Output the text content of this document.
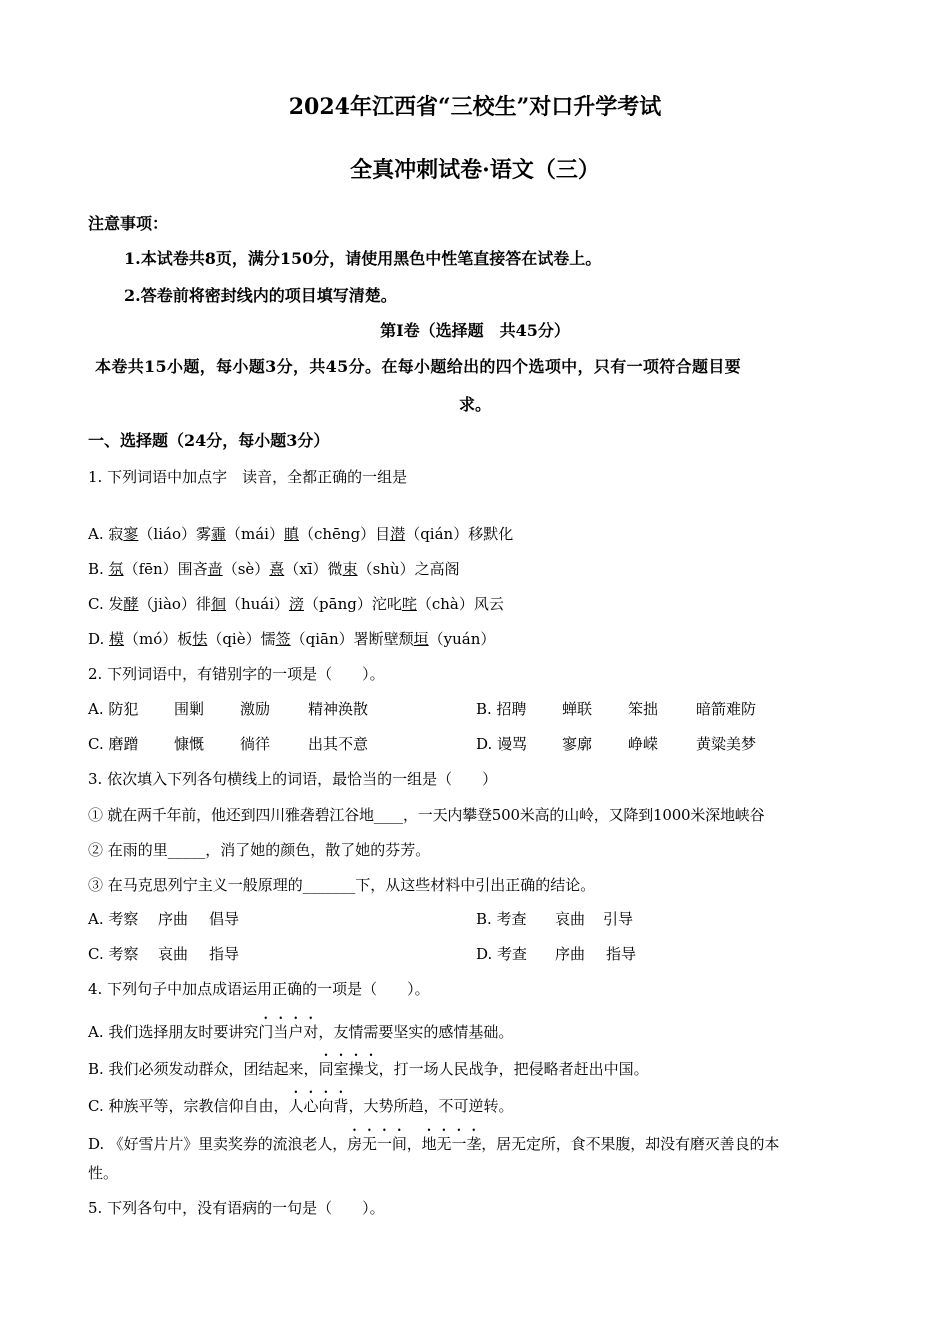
2024年江西省“三校生”对口升学考试
全真冲刺试卷·语文（三）
注意事项：
1.本试卷共8页，满分150分，请使用黑色中性笔直接答在试卷上。
2.答卷前将密封线内的项目填写清楚。
第Ⅰ卷（选择题　共45分）
本卷共15小题，每小题3分，共45分。在每小题给出的四个选项中，只有一项符合题目要
求。
一、选择题（24分，每小题3分）
1. 下列词语中加点字　读音，全都正确的一组是
A. 寂寥（liáo）雾霾（mái）瞋（chēng）目潜（qián）移默化
B. 氛（fēn）围吝啬（sè）熹（xī）微束（shù）之高阁
C. 发酵（jiào）徘徊（huái）滂（pāng）沱叱咤（chà）风云
D. 模（mó）板怯（qiè）懦签（qiān）署断壁颓垣（yuán）
2. 下列词语中，有错别字的一项是（　　）。
A. 防犯 围剿 激励	精神涣散	B. 招聘 蝉联 笨拙	暗箭难防
C. 磨蹭 慷慨 徜徉	出其不意	D. 谩骂 寥廓 峥嵘	黄粱美梦
3. 依次填入下列各句横线上的词语，最恰当的一组是（　　）
① 就在两千年前，他还到四川雅砻碧江谷地____，一天内攀登500米高的山岭，又降到1000米深地峡谷
② 在雨的里_____，消了她的颜色，散了她的芬芳。
③ 在马克思列宁主义一般原理的_______下，从这些材料中引出正确的结论。
A. 考察 序曲 倡导	B. 考查 哀曲 引导
C. 考察 哀曲 指导	D. 考查 序曲 指导
4. 下列句子中加点成语运用正确的一项是（　　）。
A. 我们选择朋友时要讲究门当户对，友情需要坚实的感情基础。
B. 我们必须发动群众，团结起来，同室操戈，打一场人民战争，把侵略者赶出中国。
C. 种族平等，宗教信仰自由，人心向背，大势所趋，不可逆转。
D. 《好雪片片》里卖奖券的流浪老人，房无一间，地无一垄，居无定所，食不果腹，却没有磨灭善良的本
性。
5. 下列各句中，没有语病的一句是（　　）。
